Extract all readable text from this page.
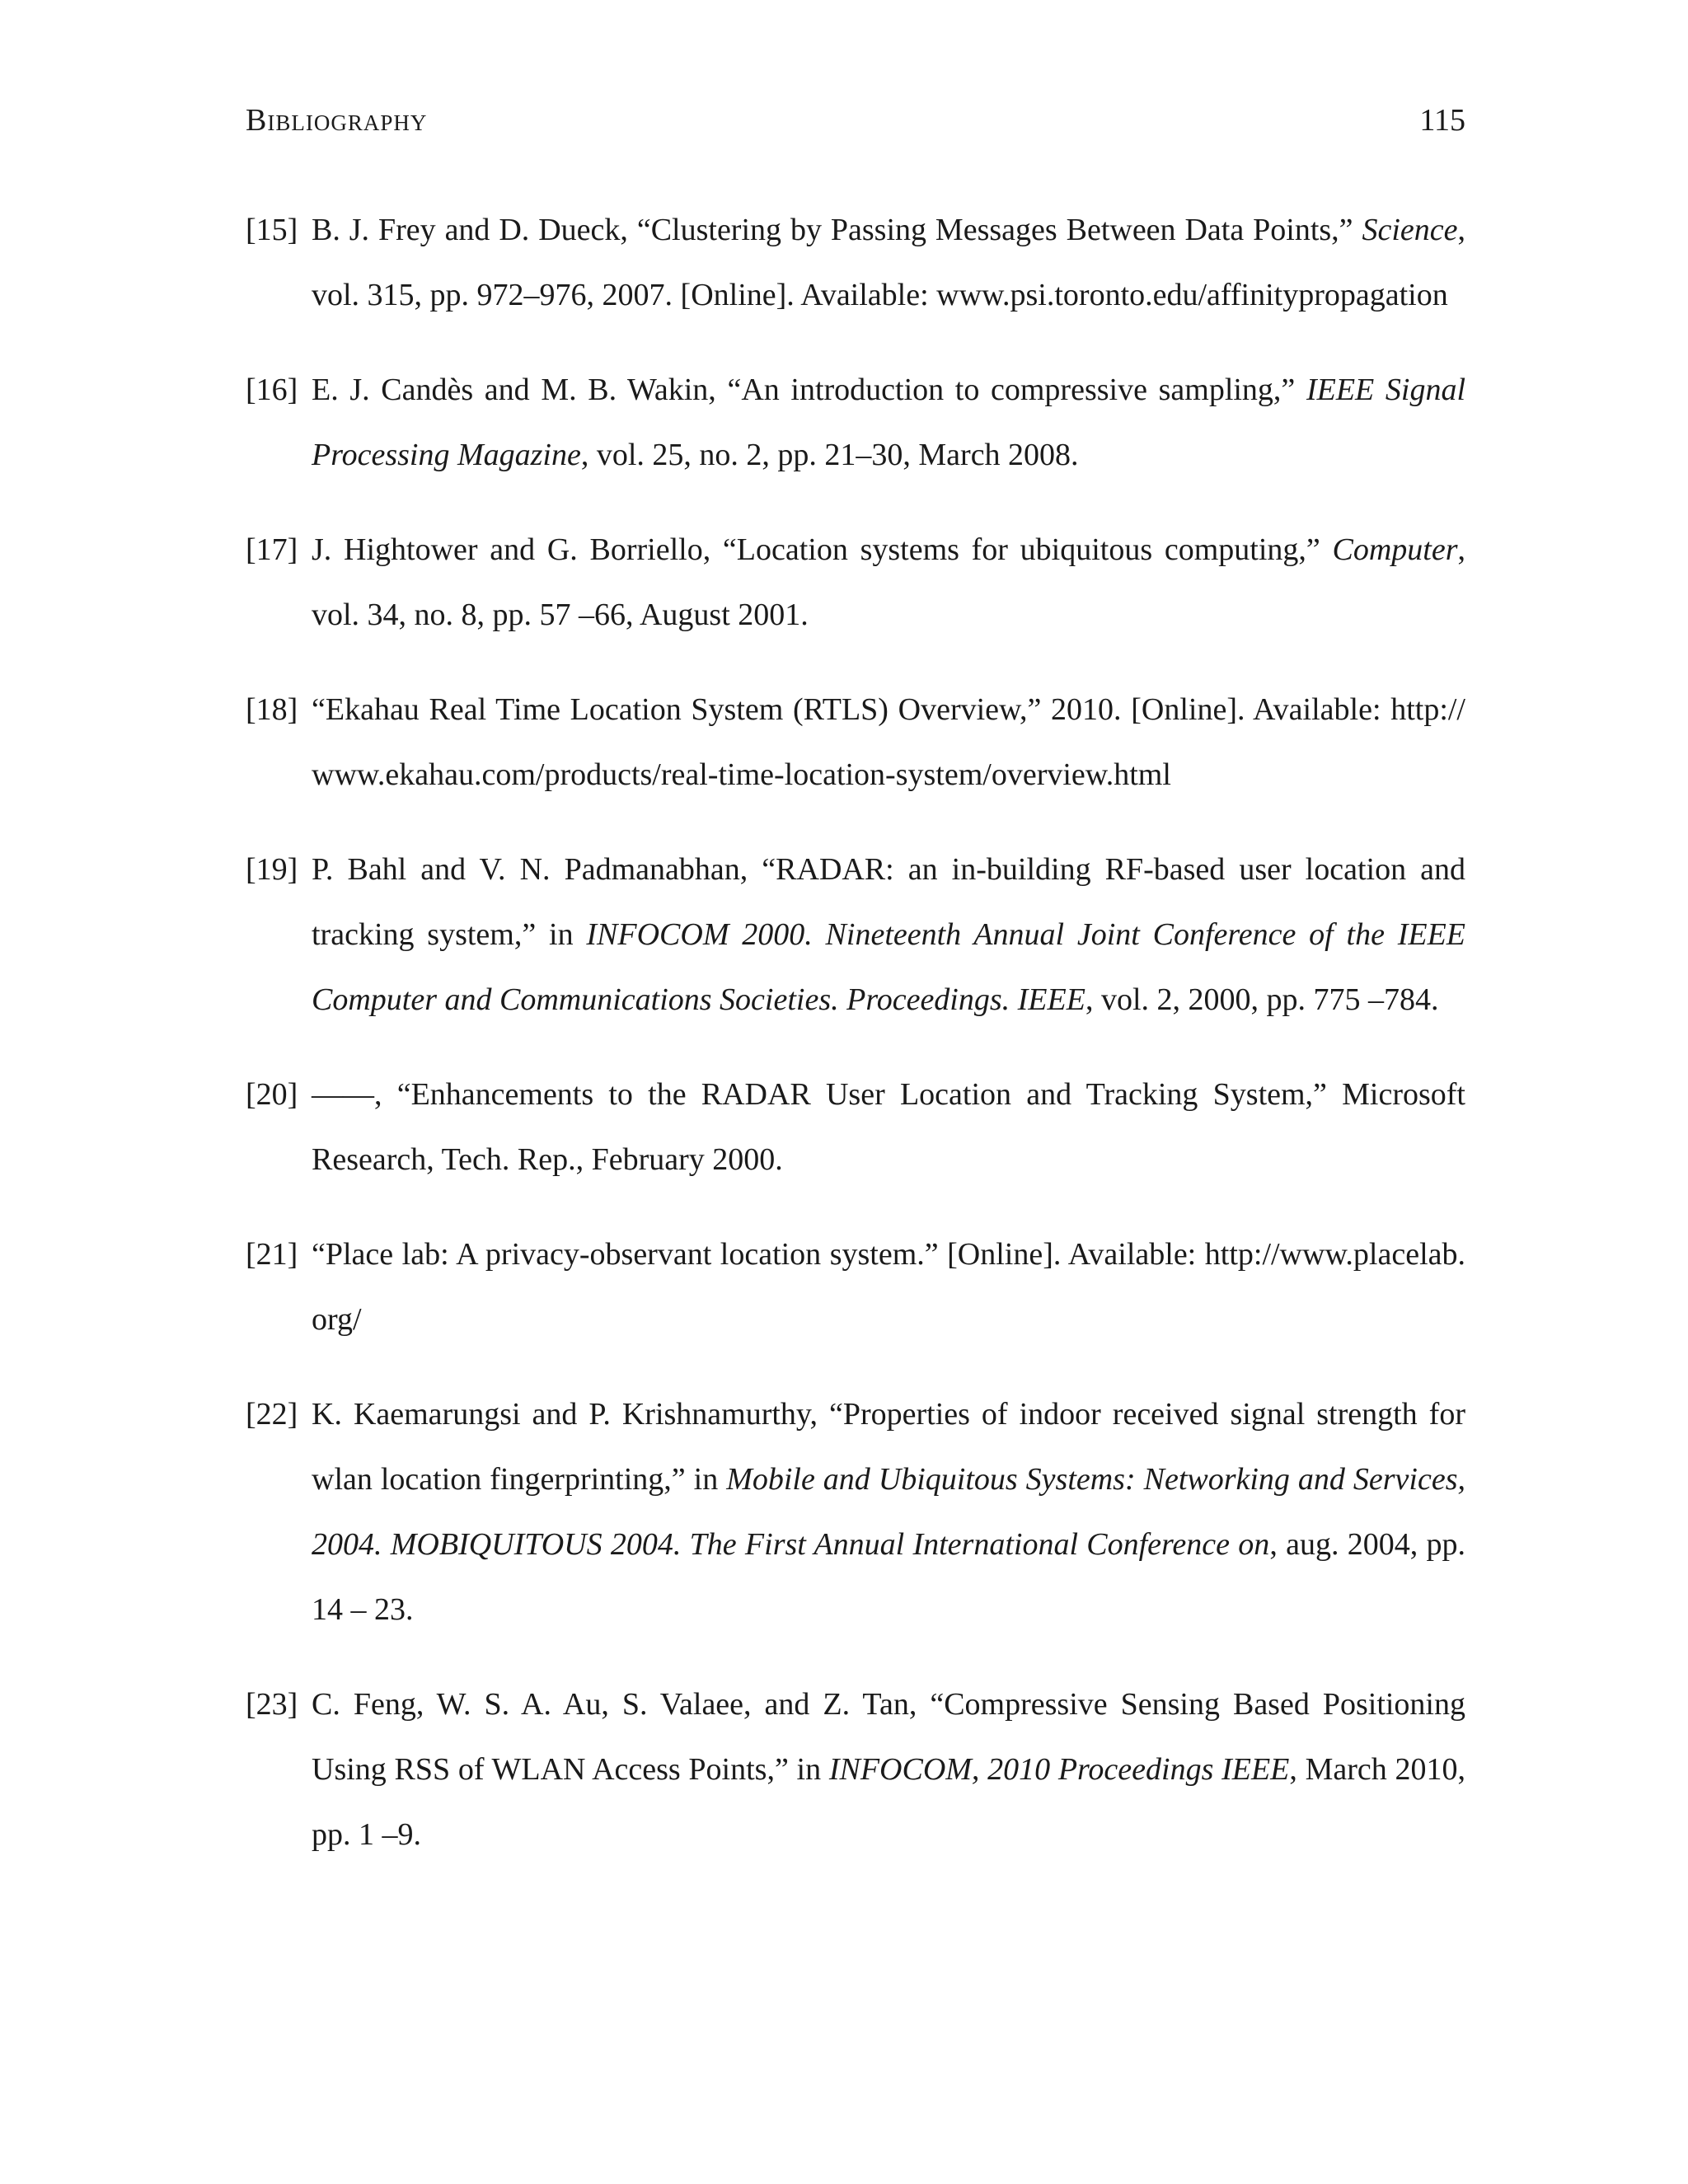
Bibliography	115
[15] B. J. Frey and D. Dueck, “Clustering by Passing Messages Between Data Points,” Science, vol. 315, pp. 972–976, 2007. [Online]. Available: www.psi.toronto.edu/affinitypropagation
[16] E. J. Candès and M. B. Wakin, “An introduction to compressive sampling,” IEEE Signal Processing Magazine, vol. 25, no. 2, pp. 21–30, March 2008.
[17] J. Hightower and G. Borriello, “Location systems for ubiquitous computing,” Computer, vol. 34, no. 8, pp. 57 –66, August 2001.
[18] “Ekahau Real Time Location System (RTLS) Overview,” 2010. [Online]. Available: http://www.ekahau.com/products/real-time-location-system/overview.html
[19] P. Bahl and V. N. Padmanabhan, “RADAR: an in-building RF-based user location and tracking system,” in INFOCOM 2000. Nineteenth Annual Joint Conference of the IEEE Computer and Communications Societies. Proceedings. IEEE, vol. 2, 2000, pp. 775 –784.
[20] ——, “Enhancements to the RADAR User Location and Tracking System,” Microsoft Research, Tech. Rep., February 2000.
[21] “Place lab: A privacy-observant location system.” [Online]. Available: http://www.placelab.org/
[22] K. Kaemarungsi and P. Krishnamurthy, “Properties of indoor received signal strength for wlan location fingerprinting,” in Mobile and Ubiquitous Systems: Networking and Services, 2004. MOBIQUITOUS 2004. The First Annual International Conference on, aug. 2004, pp. 14 – 23.
[23] C. Feng, W. S. A. Au, S. Valaee, and Z. Tan, “Compressive Sensing Based Positioning Using RSS of WLAN Access Points,” in INFOCOM, 2010 Proceedings IEEE, March 2010, pp. 1 –9.
